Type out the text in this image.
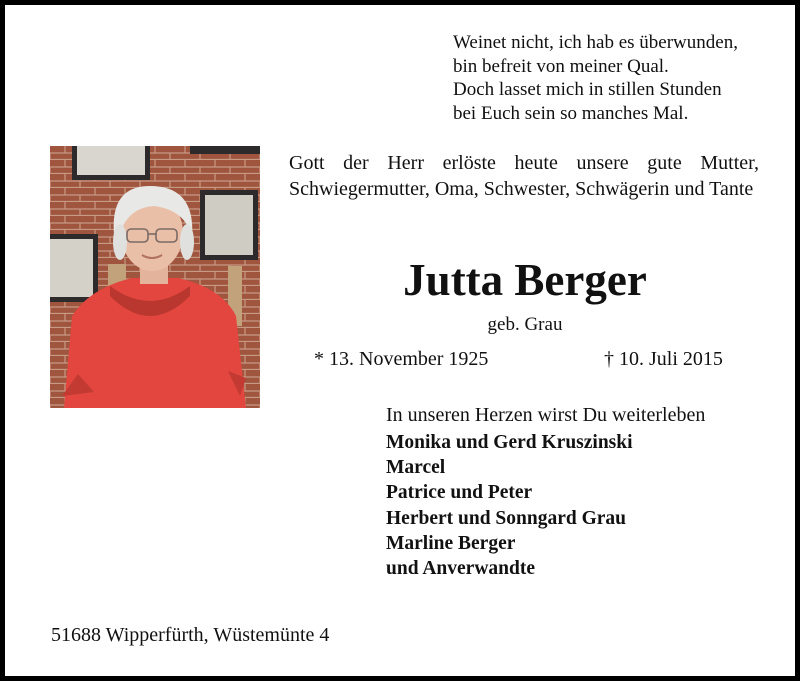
Weinet nicht, ich hab es überwunden,
bin befreit von meiner Qual.
Doch lasset mich in stillen Stunden
bei Euch sein so manches Mal.
Gott der Herr erlöste heute unsere gute Mutter, Schwiegermutter, Oma, Schwester, Schwägerin und Tante
Jutta Berger
geb. Grau
* 13. November 1925	† 10. Juli 2015
In unseren Herzen wirst Du weiterleben
Monika und Gerd Kruszinski
Marcel
Patrice und Peter
Herbert und Sonngard Grau
Marline Berger
und Anverwandte
51688 Wipperfürth, Wüstemünte 4
